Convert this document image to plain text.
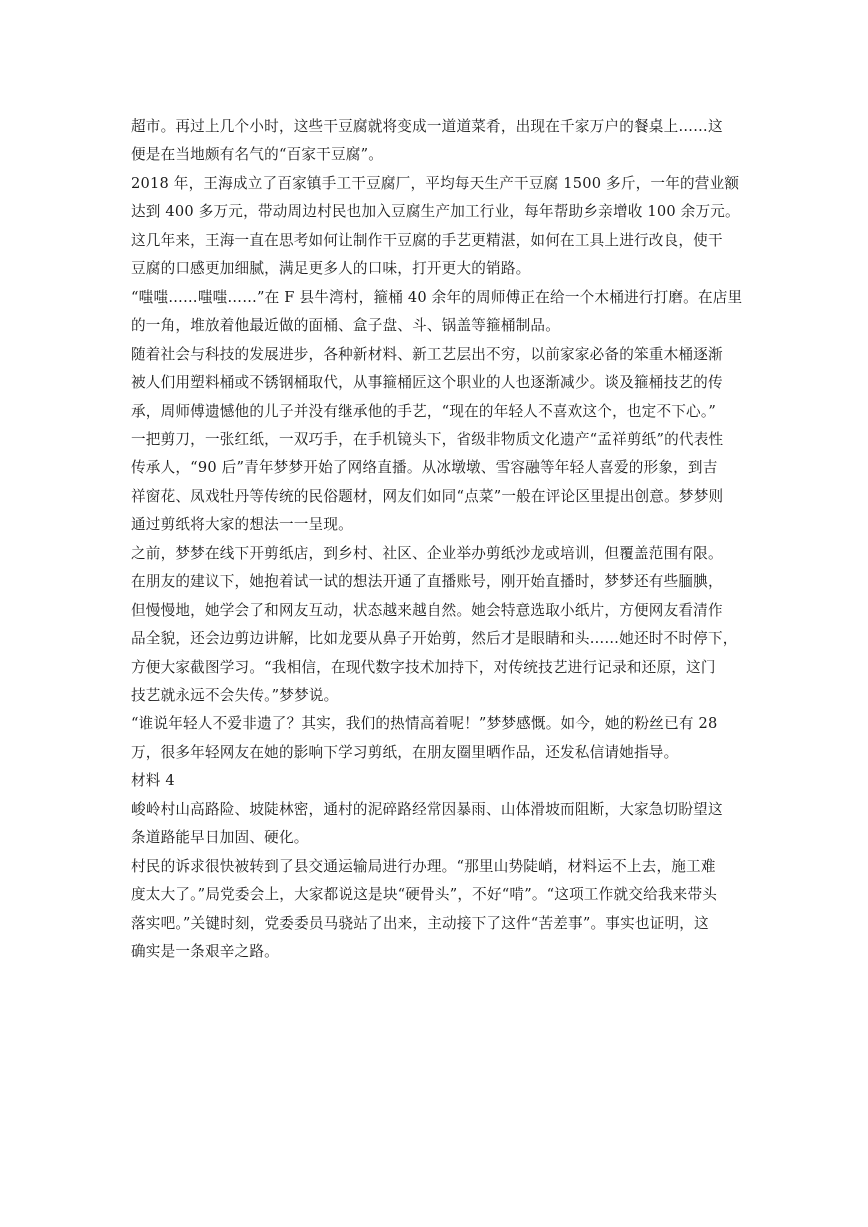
超市。再过上几个小时，这些干豆腐就将变成一道道菜肴，出现在千家万户的餐桌上……这
便是在当地颇有名气的“百家干豆腐”。
2018 年，王海成立了百家镇手工干豆腐厂，平均每天生产干豆腐 1500 多斤，一年的营业额
达到 400 多万元，带动周边村民也加入豆腐生产加工行业，每年帮助乡亲增收 100 余万元。
这几年来，王海一直在思考如何让制作干豆腐的手艺更精湛，如何在工具上进行改良，使干
豆腐的口感更加细腻，满足更多人的口味，打开更大的销路。
“嗤嗤……嗤嗤……”在 F 县牛湾村，箍桶 40 余年的周师傅正在给一个木桶进行打磨。在店里
的一角，堆放着他最近做的面桶、盒子盘、斗、锅盖等箍桶制品。
随着社会与科技的发展进步，各种新材料、新工艺层出不穷，以前家家必备的笨重木桶逐渐
被人们用塑料桶或不锈钢桶取代，从事箍桶匠这个职业的人也逐渐减少。谈及箍桶技艺的传
承，周师傅遗憾他的儿子并没有继承他的手艺，“现在的年轻人不喜欢这个，也定不下心。”
一把剪刀，一张红纸，一双巧手，在手机镜头下，省级非物质文化遗产“孟祥剪纸”的代表性
传承人，“90 后”青年梦梦开始了网络直播。从冰墩墩、雪容融等年轻人喜爱的形象，到吉
祥窗花、凤戏牡丹等传统的民俗题材，网友们如同“点菜”一般在评论区里提出创意。梦梦则
通过剪纸将大家的想法一一呈现。
之前，梦梦在线下开剪纸店，到乡村、社区、企业举办剪纸沙龙或培训，但覆盖范围有限。
在朋友的建议下，她抱着试一试的想法开通了直播账号，刚开始直播时，梦梦还有些腼腆，
但慢慢地，她学会了和网友互动，状态越来越自然。她会特意选取小纸片，方便网友看清作
品全貌，还会边剪边讲解，比如龙要从鼻子开始剪，然后才是眼睛和头……她还时不时停下，
方便大家截图学习。“我相信，在现代数字技术加持下，对传统技艺进行记录和还原，这门
技艺就永远不会失传。”梦梦说。
“谁说年轻人不爱非遗了？其实，我们的热情高着呢！”梦梦感慨。如今，她的粉丝已有 28
万，很多年轻网友在她的影响下学习剪纸，在朋友圈里晒作品，还发私信请她指导。
材料 4
峻岭村山高路险、坡陡林密，通村的泥碎路经常因暴雨、山体滑坡而阻断，大家急切盼望这
条道路能早日加固、硬化。
村民的诉求很快被转到了县交通运输局进行办理。“那里山势陡峭，材料运不上去，施工难
度太大了。”局党委会上，大家都说这是块“硬骨头”，不好“啃”。“这项工作就交给我来带头
落实吧。”关键时刻，党委委员马骁站了出来，主动接下了这件“苦差事”。事实也证明，这
确实是一条艰辛之路。
